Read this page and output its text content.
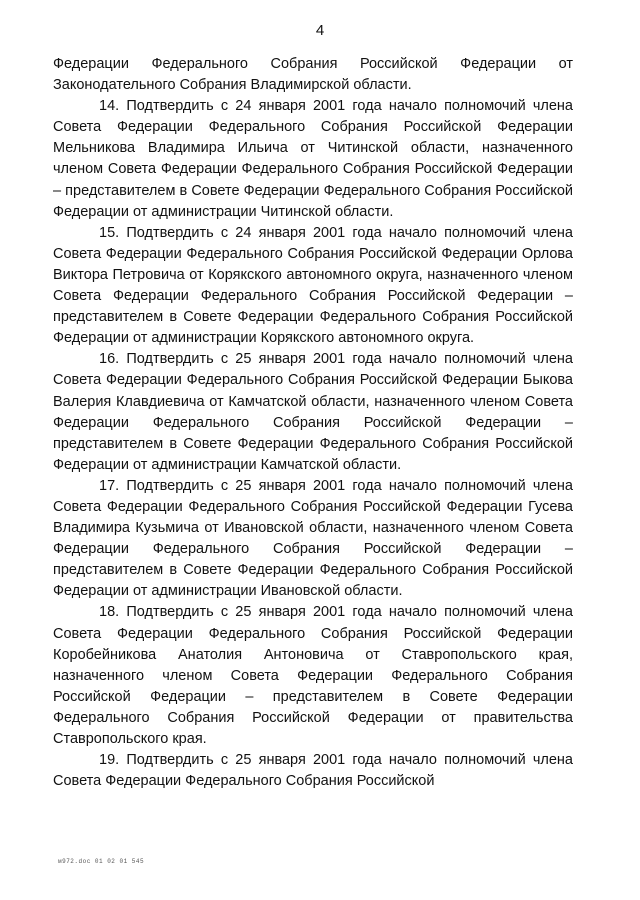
4

Федерации Федерального Собрания Российской Федерации от Законодательного Собрания Владимирской области.

14. Подтвердить с 24 января 2001 года начало полномочий члена Совета Федерации Федерального Собрания Российской Федерации Мельникова Владимира Ильича от Читинской области, назначенного членом Совета Федерации Федерального Собрания Российской Федерации – представителем в Совете Федерации Федерального Собрания Российской Федерации от администрации Читинской области.

15. Подтвердить с 24 января 2001 года начало полномочий члена Совета Федерации Федерального Собрания Российской Федерации Орлова Виктора Петровича от Корякского автономного округа, назначенного членом Совета Федерации Федерального Собрания Российской Федерации – представителем в Совете Федерации Федерального Собрания Российской Федерации от администрации Корякского автономного округа.

16. Подтвердить с 25 января 2001 года начало полномочий члена Совета Федерации Федерального Собрания Российской Федерации Быкова Валерия Клавдиевича от Камчатской области, назначенного членом Совета Федерации Федерального Собрания Российской Федерации – представителем в Совете Федерации Федерального Собрания Российской Федерации от администрации Камчатской области.

17. Подтвердить с 25 января 2001 года начало полномочий члена Совета Федерации Федерального Собрания Российской Федерации Гусева Владимира Кузьмича от Ивановской области, назначенного членом Совета Федерации Федерального Собрания Российской Федерации – представителем в Совете Федерации Федерального Собрания Российской Федерации от администрации Ивановской области.

18. Подтвердить с 25 января 2001 года начало полномочий члена Совета Федерации Федерального Собрания Российской Федерации Коробейникова Анатолия Антоновича от Ставропольского края, назначенного членом Совета Федерации Федерального Собрания Российской Федерации – представителем в Совете Федерации Федерального Собрания Российской Федерации от правительства Ставропольского края.

19. Подтвердить с 25 января 2001 года начало полномочий члена Совета Федерации Федерального Собрания Российской

м972.doc 01 02 01 545
